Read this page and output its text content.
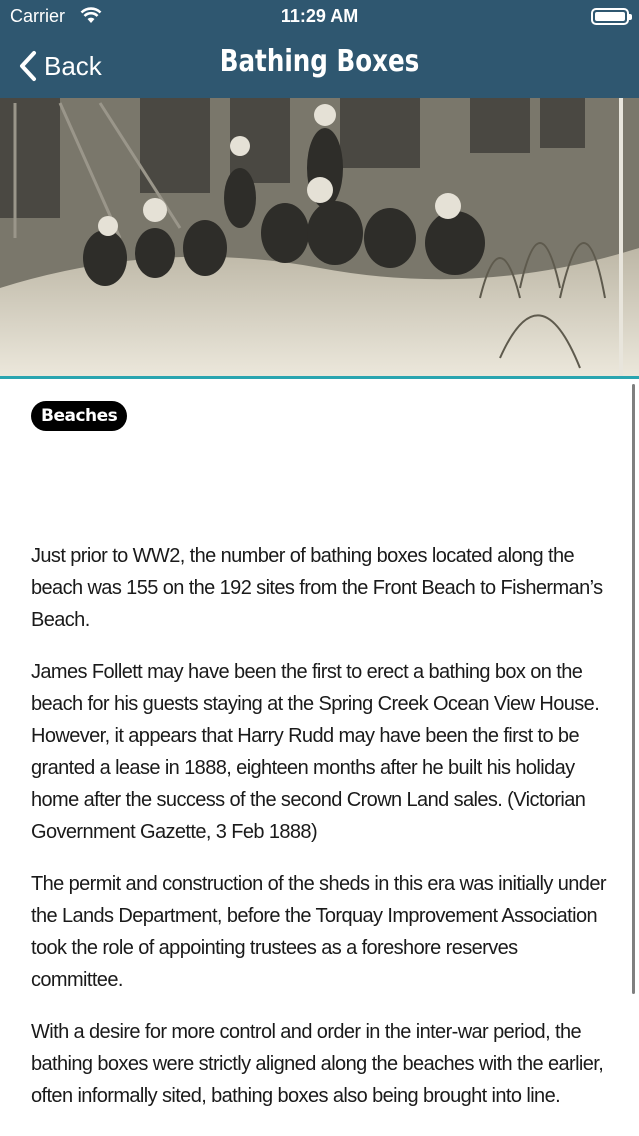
Carrier	11:29 AM
Back	Bathing Boxes
Beaches

Just prior to WW2, the number of bathing boxes located along the beach was 155 on the 192 sites from the Front Beach to Fisherman’s Beach.

James Follett may have been the first to erect a bathing box on the beach for his guests staying at the Spring Creek Ocean View House. However, it appears that Harry Rudd may have been the first to be granted a lease in 1888, eighteen months after he built his holiday home after the success of the second Crown Land sales. (Victorian Government Gazette, 3 Feb 1888)

The permit and construction of the sheds in this era was initially under the Lands Department, before the Torquay Improvement Association took the role of appointing trustees as a foreshore reserves committee.

With a desire for more control and order in the inter-war period, the bathing boxes were strictly aligned along the beaches with the earlier, often informally sited, bathing boxes also being brought into line.
